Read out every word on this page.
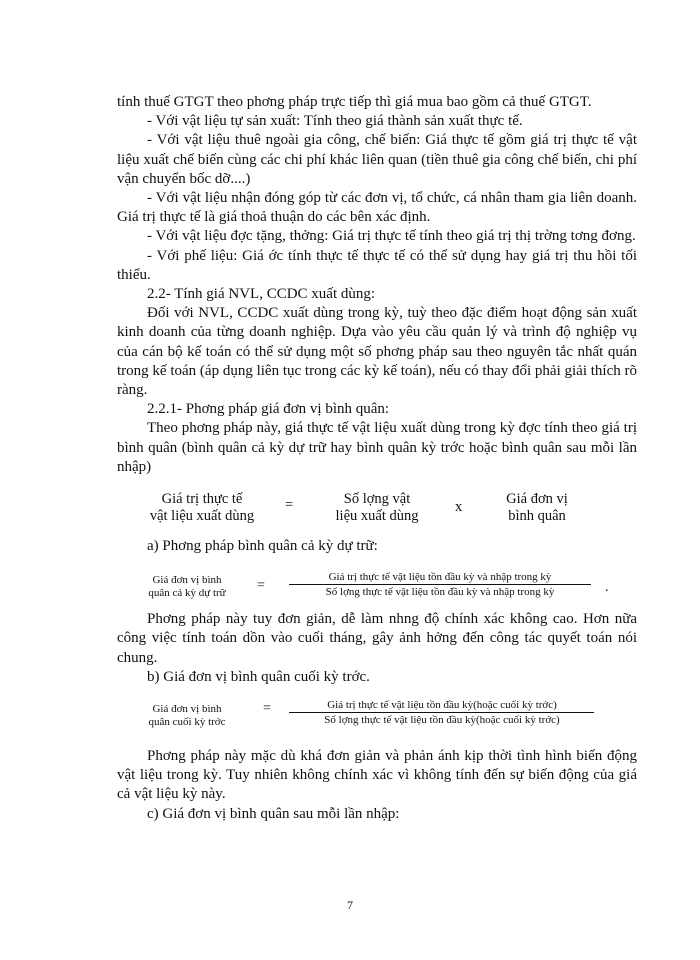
tính thuế GTGT theo phơng pháp trực tiếp thì giá mua bao gồm cả thuế GTGT.

- Với vật liệu tự sản xuất: Tính theo giá thành sản xuất thực tế.

- Với vật liệu thuê ngoài gia công, chế biến: Giá thực tế gồm giá trị thực tế vật liệu xuất chế biến cùng các chi phí khác liên quan (tiền thuê gia công chế biến, chi phí vận chuyển bốc dỡ....)

- Với vật liệu nhận đóng góp từ các đơn vị, tổ chức, cá nhân tham gia liên doanh. Giá trị thực tế là giá thoả thuận do các bên xác định.

- Với vật liệu đợc tặng, thởng: Giá trị thực tế tính theo giá trị thị trờng tơng đơng.

- Với phế liệu: Giá ớc tính thực tế thực tế có thể sử dụng hay giá trị thu hồi tối thiểu.

2.2- Tính giá NVL, CCDC xuất dùng:

Đối với NVL, CCDC xuất dùng trong kỳ, tuỳ theo đặc điểm hoạt động sản xuất kinh doanh của từng doanh nghiệp. Dựa vào yêu cầu quản lý và trình độ nghiệp vụ của cán bộ kế toán có thể sử dụng một số phơng pháp sau theo nguyên tắc nhất quán trong kế toán (áp dụng liên tục trong các kỳ kế toán), nếu có thay đổi phải giải thích rõ ràng.

2.2.1- Phơng pháp giá đơn vị bình quân:

Theo phơng pháp này, giá thực tế vật liệu xuất dùng trong kỳ đợc tính theo giá trị bình quân (bình quân cả kỳ dự trữ hay bình quân kỳ trớc hoặc bình quân sau mỗi lần nhập)

Giá trị thực tế
vật liệu xuất dùng
=	Số lợng vật
liệu xuất dùng
x	Giá đơn vị
bình quân

a) Phơng pháp bình quân cả kỳ dự trữ:

Giá đơn vị bình
quân cả kỳ dự trữ	=
Giá trị thực tế vật liệu tồn đầu kỳ và nhập trong kỳ
Số lợng thực tế vật liệu tồn đầu kỳ và nhập trong kỳ	.

Phơng pháp này tuy đơn giản, dễ làm nhng độ chính xác không cao. Hơn nữa công việc tính toán dồn vào cuối tháng, gây ảnh hởng đến công tác quyết toán nói chung.

b) Giá đơn vị bình quân cuối kỳ trớc.

Giá đơn vị bình
quân cuối kỳ trớc
=	Giá trị thực tế vật liệu tồn đầu kỳ(hoặc cuối kỳ trớc)
Số lợng thực tế vật liệu tồn đầu kỳ(hoặc cuối kỳ trớc)

Phơng pháp này mặc dù khá đơn giản và phản ánh kịp thời tình hình biến động vật liệu trong kỳ. Tuy nhiên không chính xác vì không tính đến sự biến động của giá cả vật liệu kỳ này.

c) Giá đơn vị bình quân sau mỗi lần nhập:

7
